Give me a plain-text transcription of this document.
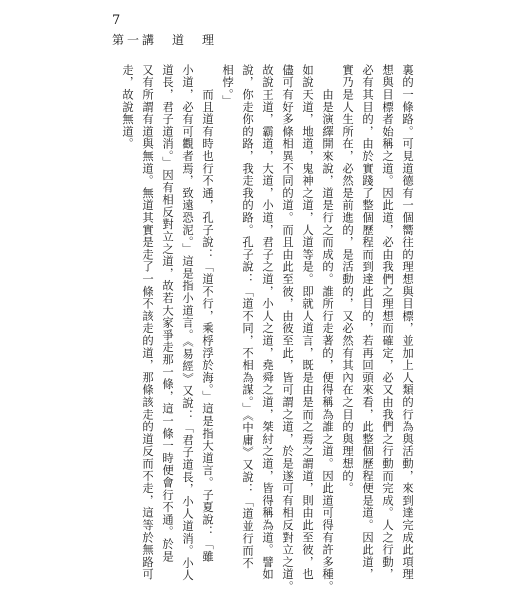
7
第一講　道　理
裏的一條路。可見道德有一個嚮往的理想與目標，並加上人類的行為與活動，來到達完成此項理
想與目標者始稱之道。因此道，必由我們之理想而確定，必又由我們之行動而完成。人之行動，
必有其目的，由於實踐了整個歷程而到達此目的，若再回頭來看，此整個歷程便是道。因此道，
實乃是人生所在，必然是前進的，是活動的，又必然有其內在之目的與理想的。
　　由是演繹開來說，道是行之而成的。誰所行走著的，便得稱為誰之道。因此道可得有許多種。
如說天道，地道，鬼神之道，人道等是。即就人道言，既是由是而之焉之謂道，則由此至彼，也
儘可有好多條相異不同的道。而且由此至彼，由彼至此，皆可謂之道，於是遂可有相反對立之道。
故說王道，霸道，大道，小道，君子之道，小人之道，堯舜之道，桀紂之道，皆得稱為道。譬如
說，你走你的路，我走我的路。孔子說：「道不同，不相為謀。」《中庸》又說：「道並行而不
相悖。」
　　而且道有時也行不通，孔子說：「道不行，乘桴浮於海。」這是指大道言。子夏說：「雖
小道，必有可觀者焉，致遠恐泥。」這是指小道言。《易經》又說：「君子道長，小人道消。小人
道長，君子道消。」因有相反對立之道，故若大家爭走那一條，這一條一時便會行不通。於是
又有所謂有道與無道。無道其實是走了一條不該走的道，那條該走的道反而不走，這等於無路可
走，故說無道。
